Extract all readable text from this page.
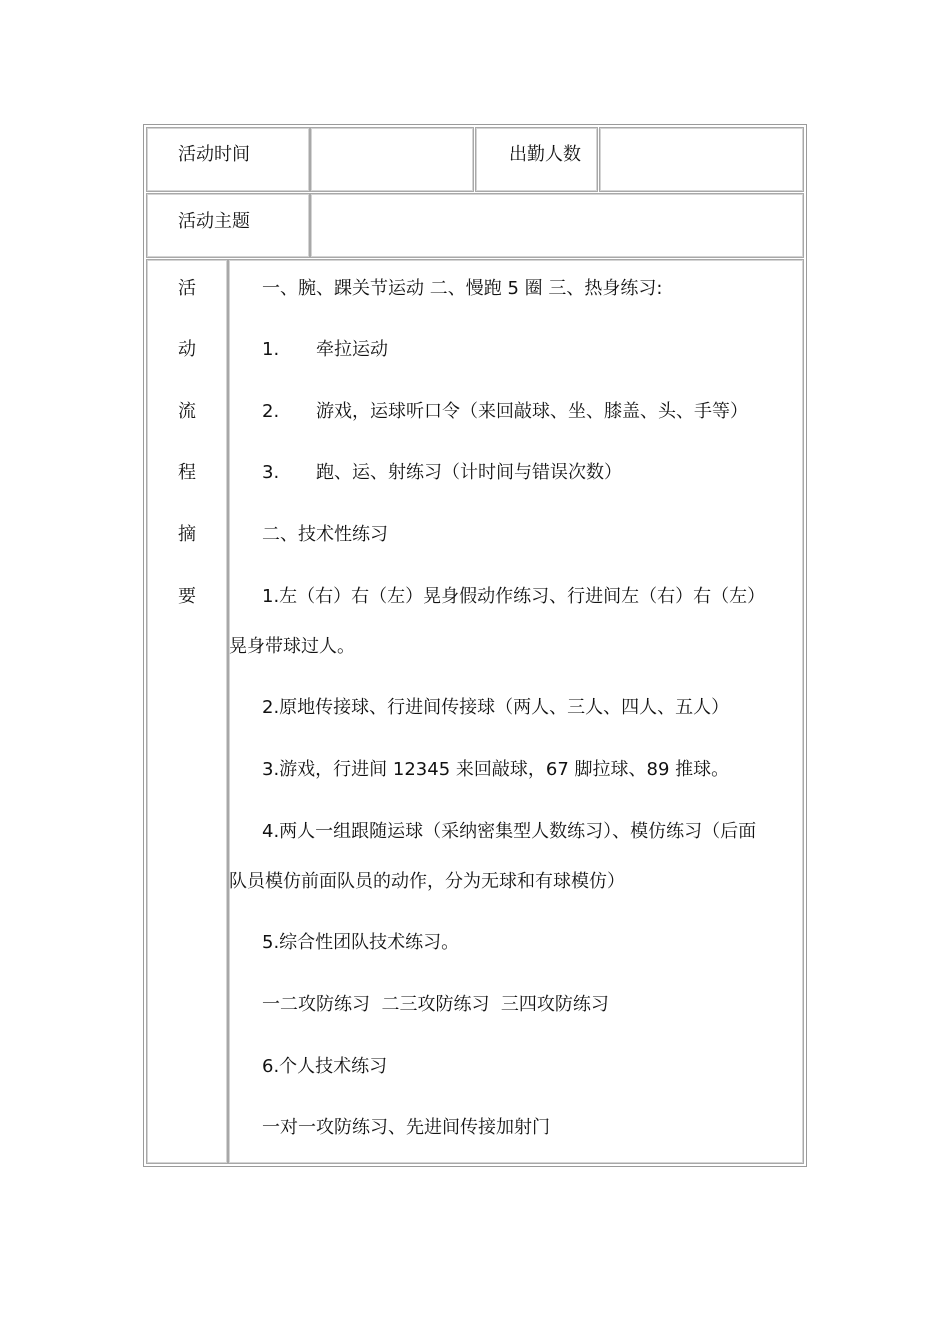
活动时间	出勤人数
活动主题
活
动
流
程
摘
要
一、腕、踝关节运动 二、慢跑 5 圈 三、热身练习:
1. 牵拉运动
2. 游戏，运球听口令（来回敲球、坐、膝盖、头、手等）
3. 跑、运、射练习（计时间与错误次数）
二、技术性练习
1.左（右）右（左）晃身假动作练习、行进间左（右）右（左）
晃身带球过人。
2.原地传接球、行进间传接球（两人、三人、四人、五人）
3.游戏，行进间 12345 来回敲球，67 脚拉球、89 推球。
4.两人一组跟随运球（采纳密集型人数练习）、模仿练习（后面
队员模仿前面队员的动作，分为无球和有球模仿）
5.综合性团队技术练习。
一二攻防练习  二三攻防练习  三四攻防练习
6.个人技术练习
一对一攻防练习、先进间传接加射门
